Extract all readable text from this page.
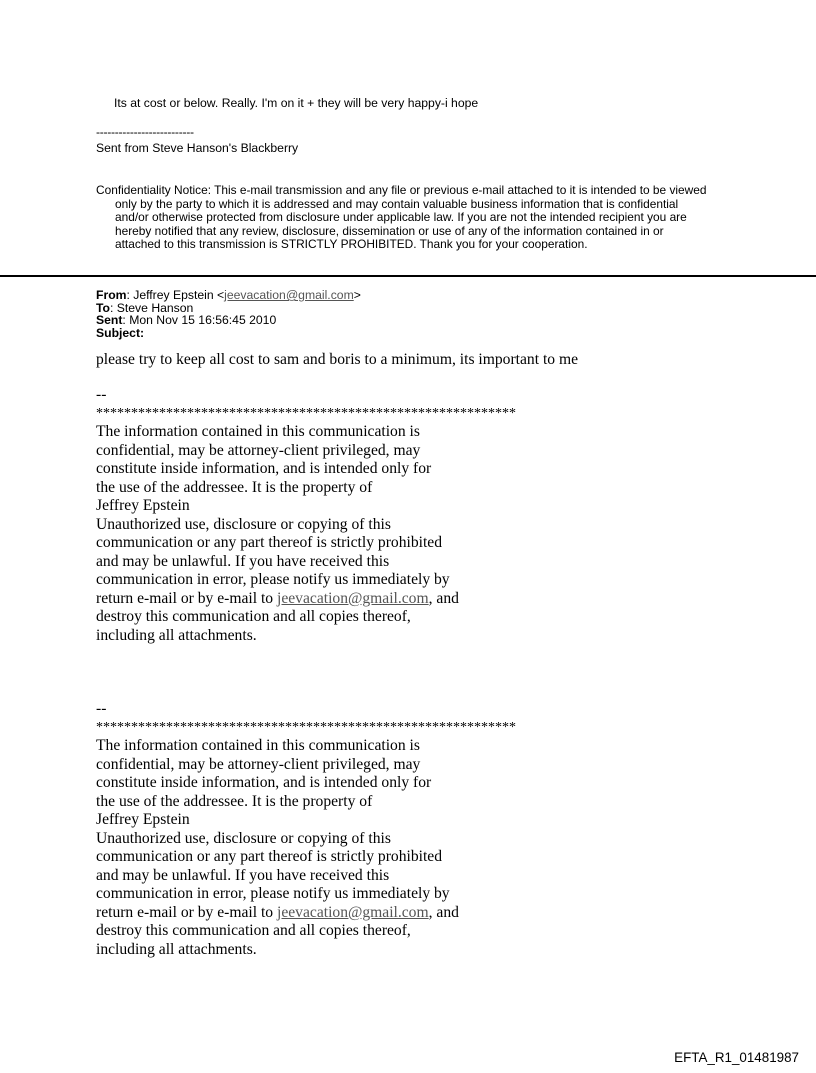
Its at cost or below. Really. I'm on it + they will be very happy-i hope
--------------------------
Sent from Steve Hanson's Blackberry
Confidentiality Notice: This e-mail transmission and any file or previous e-mail attached to it is intended to be viewed only by the party to which it is addressed and may contain valuable business information that is confidential and/or otherwise protected from disclosure under applicable law. If you are not the intended recipient you are hereby notified that any review, disclosure, dissemination or use of any of the information contained in or attached to this transmission is STRICTLY PROHIBITED. Thank you for your cooperation.
From: Jeffrey Epstein <jeevacation@gmail.com>
To: Steve Hanson
Sent: Mon Nov 15 16:56:45 2010
Subject:
please try to keep all cost to sam and boris to a minimum, its important to me

--

************************************************************

The information contained in this communication is

confidential, may be attorney-client privileged, may

constitute inside information, and is intended only for

the use of the addressee. It is the property of

Jeffrey Epstein

Unauthorized use, disclosure or copying of this

communication or any part thereof is strictly prohibited

and may be unlawful. If you have received this

communication in error, please notify us immediately by

return e-mail or by e-mail to jeevacation@gmail.com, and

destroy this communication and all copies thereof,

including all attachments.

--

************************************************************

The information contained in this communication is

confidential, may be attorney-client privileged, may

constitute inside information, and is intended only for

the use of the addressee. It is the property of

Jeffrey Epstein

Unauthorized use, disclosure or copying of this

communication or any part thereof is strictly prohibited

and may be unlawful. If you have received this

communication in error, please notify us immediately by

return e-mail or by e-mail to jeevacation@gmail.com, and

destroy this communication and all copies thereof,

including all attachments.

EFTA_R1_01481987
